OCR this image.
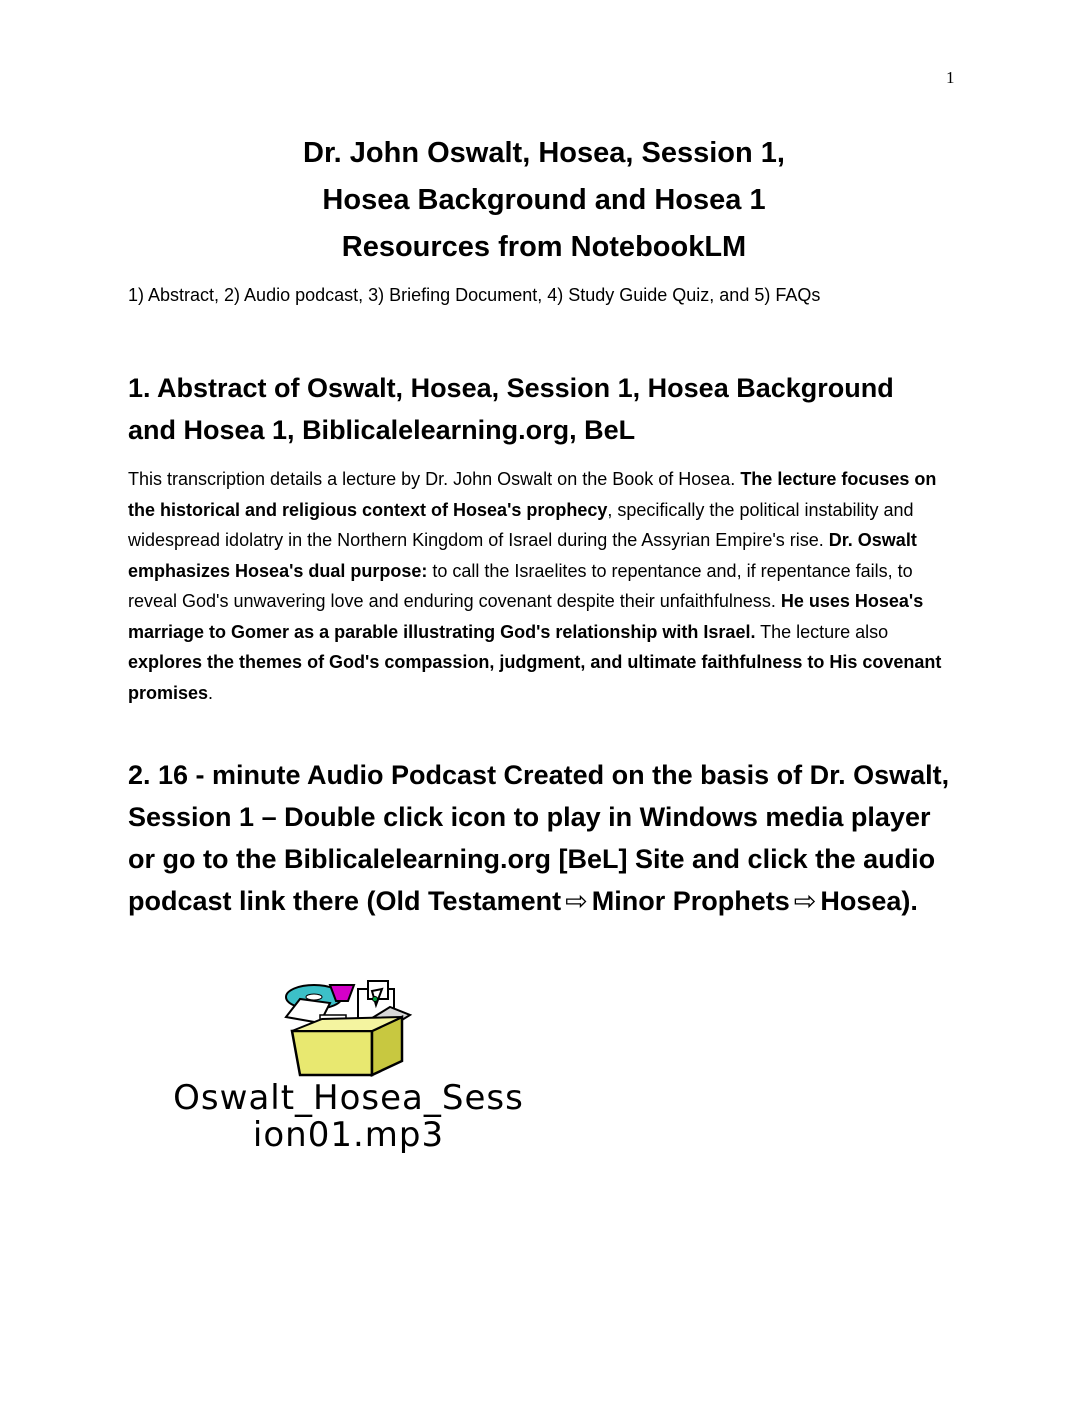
1
Dr. John Oswalt, Hosea, Session 1,
Hosea Background and Hosea 1
Resources from NotebookLM
1) Abstract, 2) Audio podcast, 3) Briefing Document, 4) Study Guide Quiz, and 5) FAQs
1. Abstract of Oswalt, Hosea, Session 1, Hosea Background and Hosea 1, Biblicalelearning.org, BeL
This transcription details a lecture by Dr. John Oswalt on the Book of Hosea. The lecture focuses on the historical and religious context of Hosea's prophecy, specifically the political instability and widespread idolatry in the Northern Kingdom of Israel during the Assyrian Empire's rise. Dr. Oswalt emphasizes Hosea's dual purpose: to call the Israelites to repentance and, if repentance fails, to reveal God's unwavering love and enduring covenant despite their unfaithfulness. He uses Hosea's marriage to Gomer as a parable illustrating God's relationship with Israel. The lecture also explores the themes of God's compassion, judgment, and ultimate faithfulness to His covenant promises.
2. 16 - minute Audio Podcast Created on the basis of Dr. Oswalt, Session 1 – Double click icon to play in Windows media player or go to the Biblicalelearning.org [BeL] Site and click the audio podcast link there (Old Testament ⇨ Minor Prophets ⇨ Hosea).
Oswalt_Hosea_Sess
ion01.mp3
